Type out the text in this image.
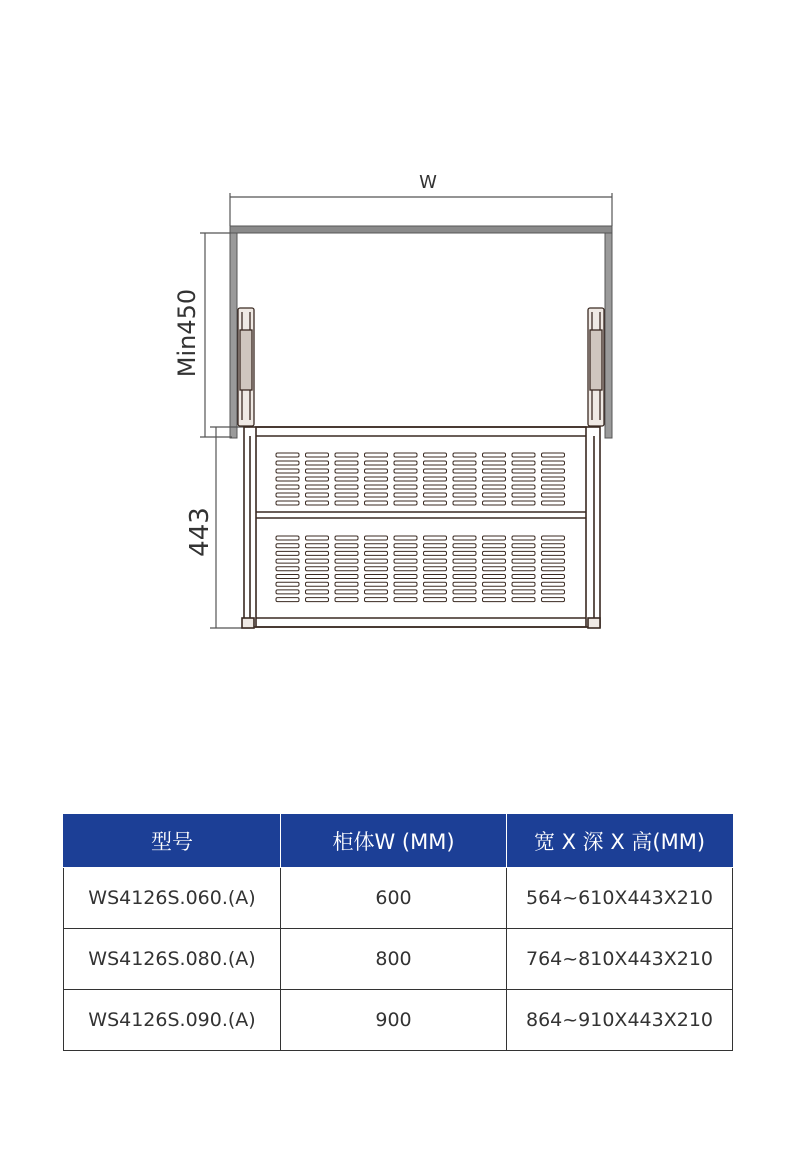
W
Min450
443
型号	柜体W (MM)	宽 X 深 X 高(MM)
WS4126S.060.(A)	600	564~610X443X210
WS4126S.080.(A)	800	764~810X443X210
WS4126S.090.(A)	900	864~910X443X210
